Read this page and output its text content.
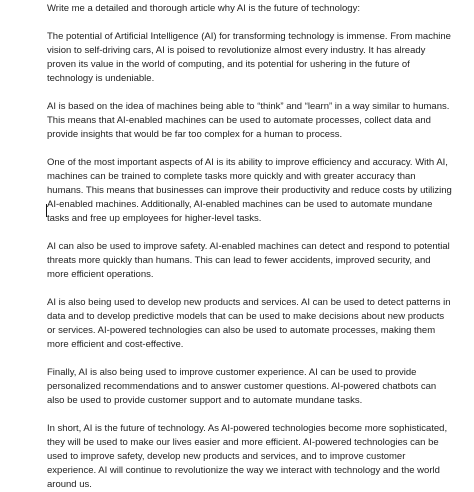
Write me a detailed and thorough article why AI is the future of technology:

The potential of Artificial Intelligence (AI) for transforming technology is immense. From machine vision to self-driving cars, AI is poised to revolutionize almost every industry. It has already proven its value in the world of computing, and its potential for ushering in the future of technology is undeniable.

AI is based on the idea of machines being able to “think” and “learn” in a way similar to humans. This means that AI-enabled machines can be used to automate processes, collect data and provide insights that would be far too complex for a human to process.

One of the most important aspects of AI is its ability to improve efficiency and accuracy. With AI, machines can be trained to complete tasks more quickly and with greater accuracy than humans. This means that businesses can improve their productivity and reduce costs by utilizing AI-enabled machines. Additionally, AI-enabled machines can be used to automate mundane tasks and free up employees for higher-level tasks.

AI can also be used to improve safety. AI-enabled machines can detect and respond to potential threats more quickly than humans. This can lead to fewer accidents, improved security, and more efficient operations.

AI is also being used to develop new products and services. AI can be used to detect patterns in data and to develop predictive models that can be used to make decisions about new products or services. AI-powered technologies can also be used to automate processes, making them more efficient and cost-effective.

Finally, AI is also being used to improve customer experience. AI can be used to provide personalized recommendations and to answer customer questions. AI-powered chatbots can also be used to provide customer support and to automate mundane tasks.

In short, AI is the future of technology. As AI-powered technologies become more sophisticated, they will be used to make our lives easier and more efficient. AI-powered technologies can be used to improve safety, develop new products and services, and to improve customer experience. AI will continue to revolutionize the way we interact with technology and the world around us.
